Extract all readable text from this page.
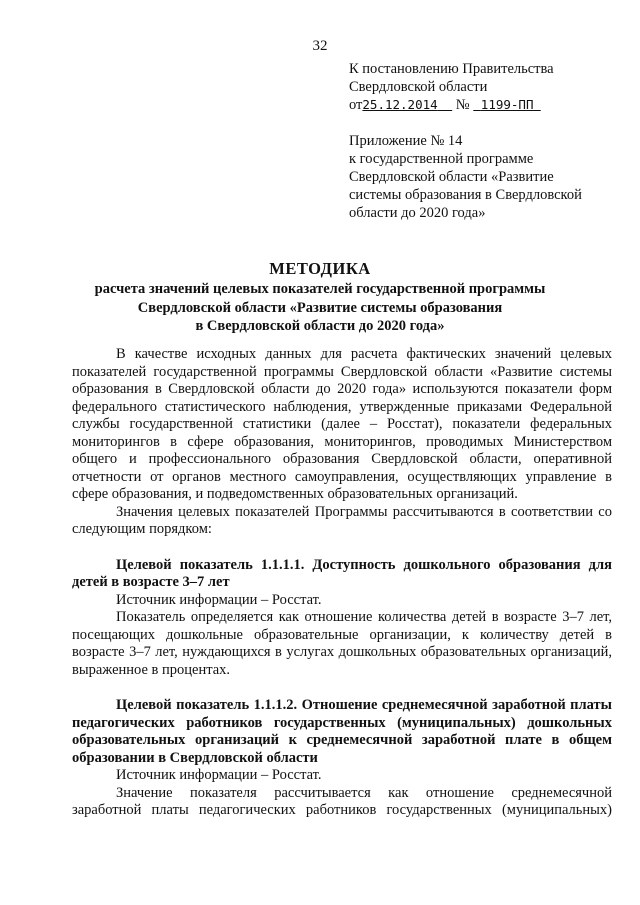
32

К постановлению Правительства

Свердловской области

от25.12.2014 № 1199-ПП

Приложение № 14

к государственной программе

Свердловской области «Развитие

системы образования в Свердловской

области до 2020 года»

МЕТОДИКА
расчета значений целевых показателей государственной программы
Свердловской области «Развитие системы образования
в Свердловской области до 2020 года»

В качестве исходных данных для расчета фактических значений целевых показателей государственной программы Свердловской области «Развитие системы образования в Свердловской области до 2020 года» используются показатели форм федерального статистического наблюдения, утвержденные приказами Федеральной службы государственной статистики (далее – Росстат), показатели федеральных мониторингов в сфере образования, мониторингов, проводимых Министерством общего и профессионального образования Свердловской области, оперативной отчетности от органов местного самоуправления, осуществляющих управление в сфере образования, и подведомственных образовательных организаций.

Значения целевых показателей Программы рассчитываются в соответствии со следующим порядком:

Целевой показатель 1.1.1.1. Доступность дошкольного образования для детей в возрасте 3–7 лет

Источник информации – Росстат.

Показатель определяется как отношение количества детей в возрасте 3–7 лет, посещающих дошкольные образовательные организации, к количеству детей в возрасте 3–7 лет, нуждающихся в услугах дошкольных образовательных организаций, выраженное в процентах.

Целевой показатель 1.1.1.2. Отношение среднемесячной заработной платы педагогических работников государственных (муниципальных) дошкольных образовательных организаций к среднемесячной заработной плате в общем образовании в Свердловской области

Источник информации – Росстат.

Значение показателя рассчитывается как отношение среднемесячной заработной платы педагогических работников государственных (муниципальных)
